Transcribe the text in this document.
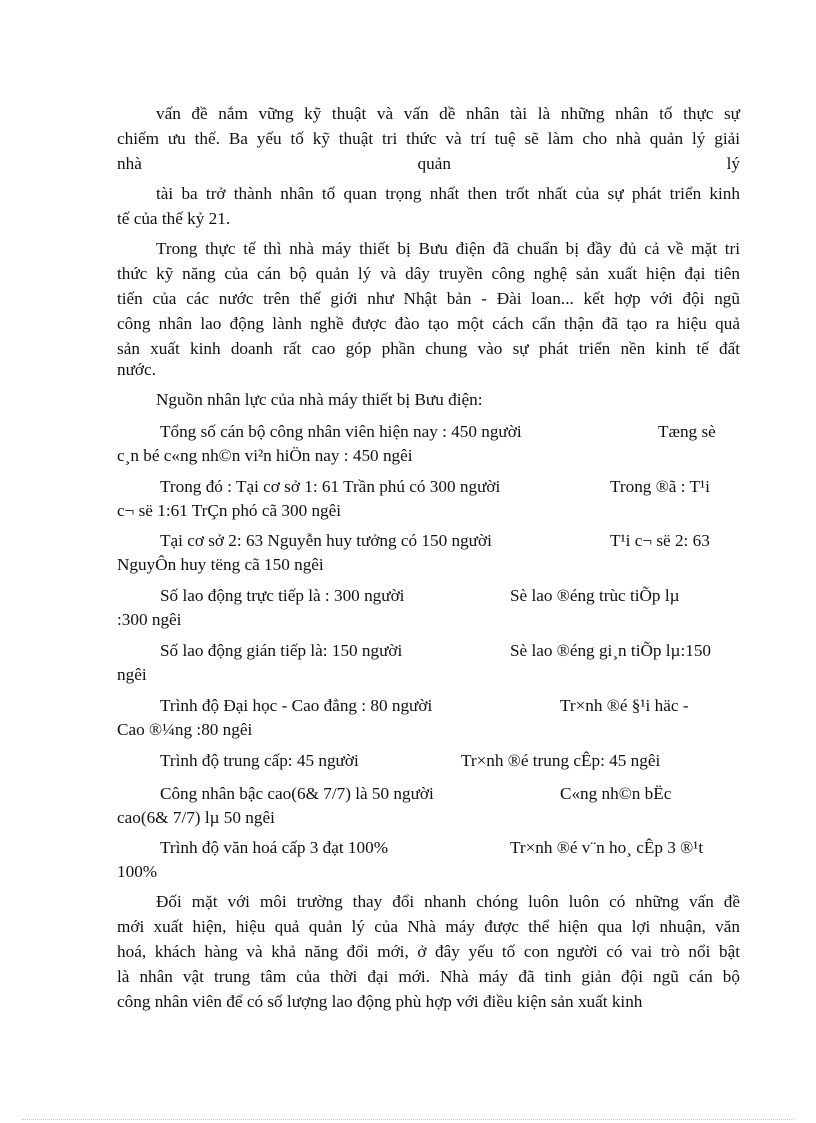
vấn đề nắm vững kỹ thuật và vấn dề nhân tài là những nhân tố thực sự
chiếm ưu thế. Ba yếu tố kỹ thuật tri thức và trí tuệ sẽ làm cho nhà quản lý giải
nhà	quản	lý
tài ba trở thành nhân tố quan trọng nhất then trốt nhất của sự phát triển kinh
tế của thế kỷ 21.
Trong thực tế thì nhà máy thiết bị Bưu điện đã chuẩn bị đầy đủ cả về mặt tri
thức kỹ năng của cán bộ quản lý và dây truyền công nghệ sản xuất hiện đại tiên
tiến của các nước trên thế giới như Nhật bản - Đài loan... kết hợp với đội ngũ
công nhân lao động lành nghề được đào tạo một cách cẩn thận đã tạo ra hiệu quả
sản xuất kinh doanh rất cao góp phần chung vào sự phát triển nền kinh tế đất
nước.
Nguồn nhân lực của nhà máy thiết bị Bưu điện:
Tổng số cán bộ công nhân viên hiện nay : 450 người	Tæng sè
c¸n bé c«ng nh©n vi²n hiÖn nay : 450 ngêi
Trong đó : Tại cơ sở 1: 61 Trần phú có 300 người	Trong ®ã : T¹i
c¬ së 1:61 TrÇn phó cã 300 ngêi
Tại cơ sở 2: 63 Nguyễn huy tưởng có 150 người	T¹i c¬ së 2: 63
NguyÔn huy tëng cã 150 ngêi
Số lao động trực tiếp là : 300 người	Sè lao ®éng trùc tiÕp lµ
:300 ngêi
Số lao động gián tiếp là: 150 người	Sè lao ®éng gi¸n tiÕp lµ:150
ngêi
Trình độ Đại học - Cao đẳng : 80 người	Tr×nh ®é §¹i häc -
Cao ®¼ng :80 ngêi
Trình độ trung cấp: 45 người	Tr×nh ®é trung cÊp: 45 ngêi
Công nhân bậc cao(6& 7/7) là 50 người	C«ng nh©n bËc
cao(6& 7/7) lµ 50 ngêi
Trình độ văn hoá cấp 3 đạt 100%	Tr×nh ®é v¨n ho¸ cÊp 3 ®¹t
100%
Đối mặt với môi trường thay đổi nhanh chóng luôn luôn có những vấn đề
mới xuất hiện, hiệu quả quản lý của Nhà máy được thể hiện qua lợi nhuận, văn
hoá, khách hàng và khả năng đổi mới, ở đây yếu tố con người có vai trò nổi bật
là nhân vật trung tâm của thời đại mới. Nhà máy đã tinh giản đội ngũ cán bộ
công nhân viên để có số lượng lao động phù hợp với điều kiện sản xuất kinh
